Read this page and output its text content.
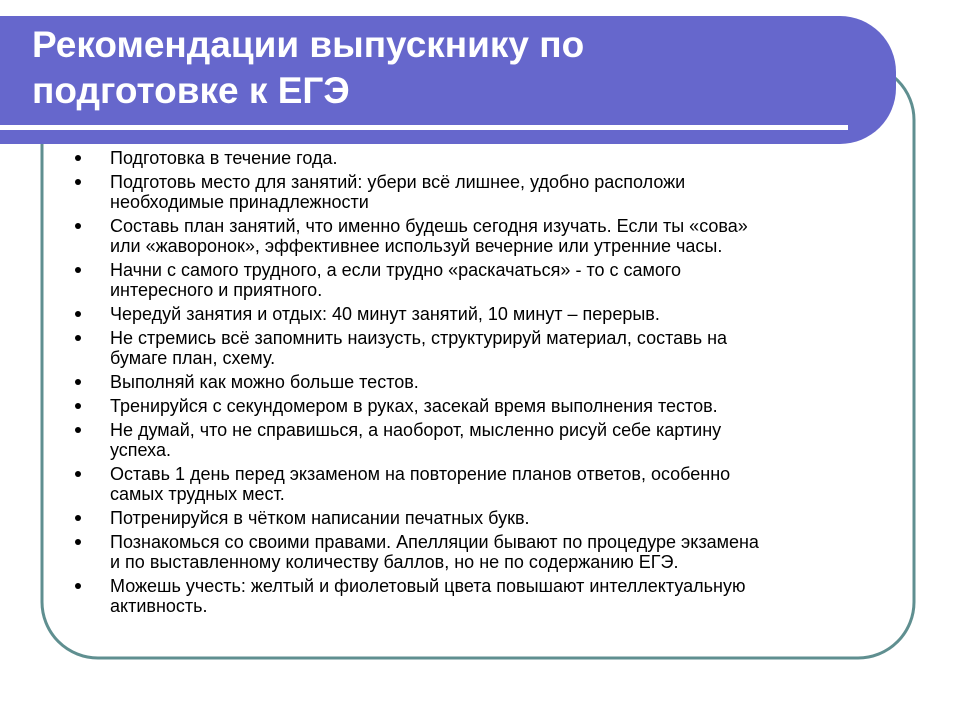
Рекомендации выпускнику по
подготовке к ЕГЭ
Подготовка в течение года.
Подготовь место для занятий: убери всё лишнее, удобно расположи
необходимые принадлежности
Составь план занятий, что именно будешь сегодня изучать. Если ты «сова»
или «жаворонок», эффективнее используй вечерние или утренние часы.
Начни с самого трудного, а если трудно «раскачаться» - то с самого
интересного и приятного.
Чередуй занятия и отдых: 40 минут занятий, 10 минут – перерыв.
Не стремись всё запомнить наизусть, структурируй материал, составь на
бумаге план, схему.
Выполняй как можно больше тестов.
Тренируйся с секундомером в руках, засекай время выполнения тестов.
Не думай, что не справишься, а наоборот, мысленно рисуй себе картину
успеха.
Оставь 1 день перед экзаменом на повторение планов ответов, особенно
самых трудных мест.
Потренируйся в чётком написании печатных букв.
Познакомься со своими правами. Апелляции бывают по процедуре экзамена
и по выставленному количеству баллов, но не по содержанию ЕГЭ.
Можешь учесть: желтый и фиолетовый цвета повышают интеллектуальную
активность.
